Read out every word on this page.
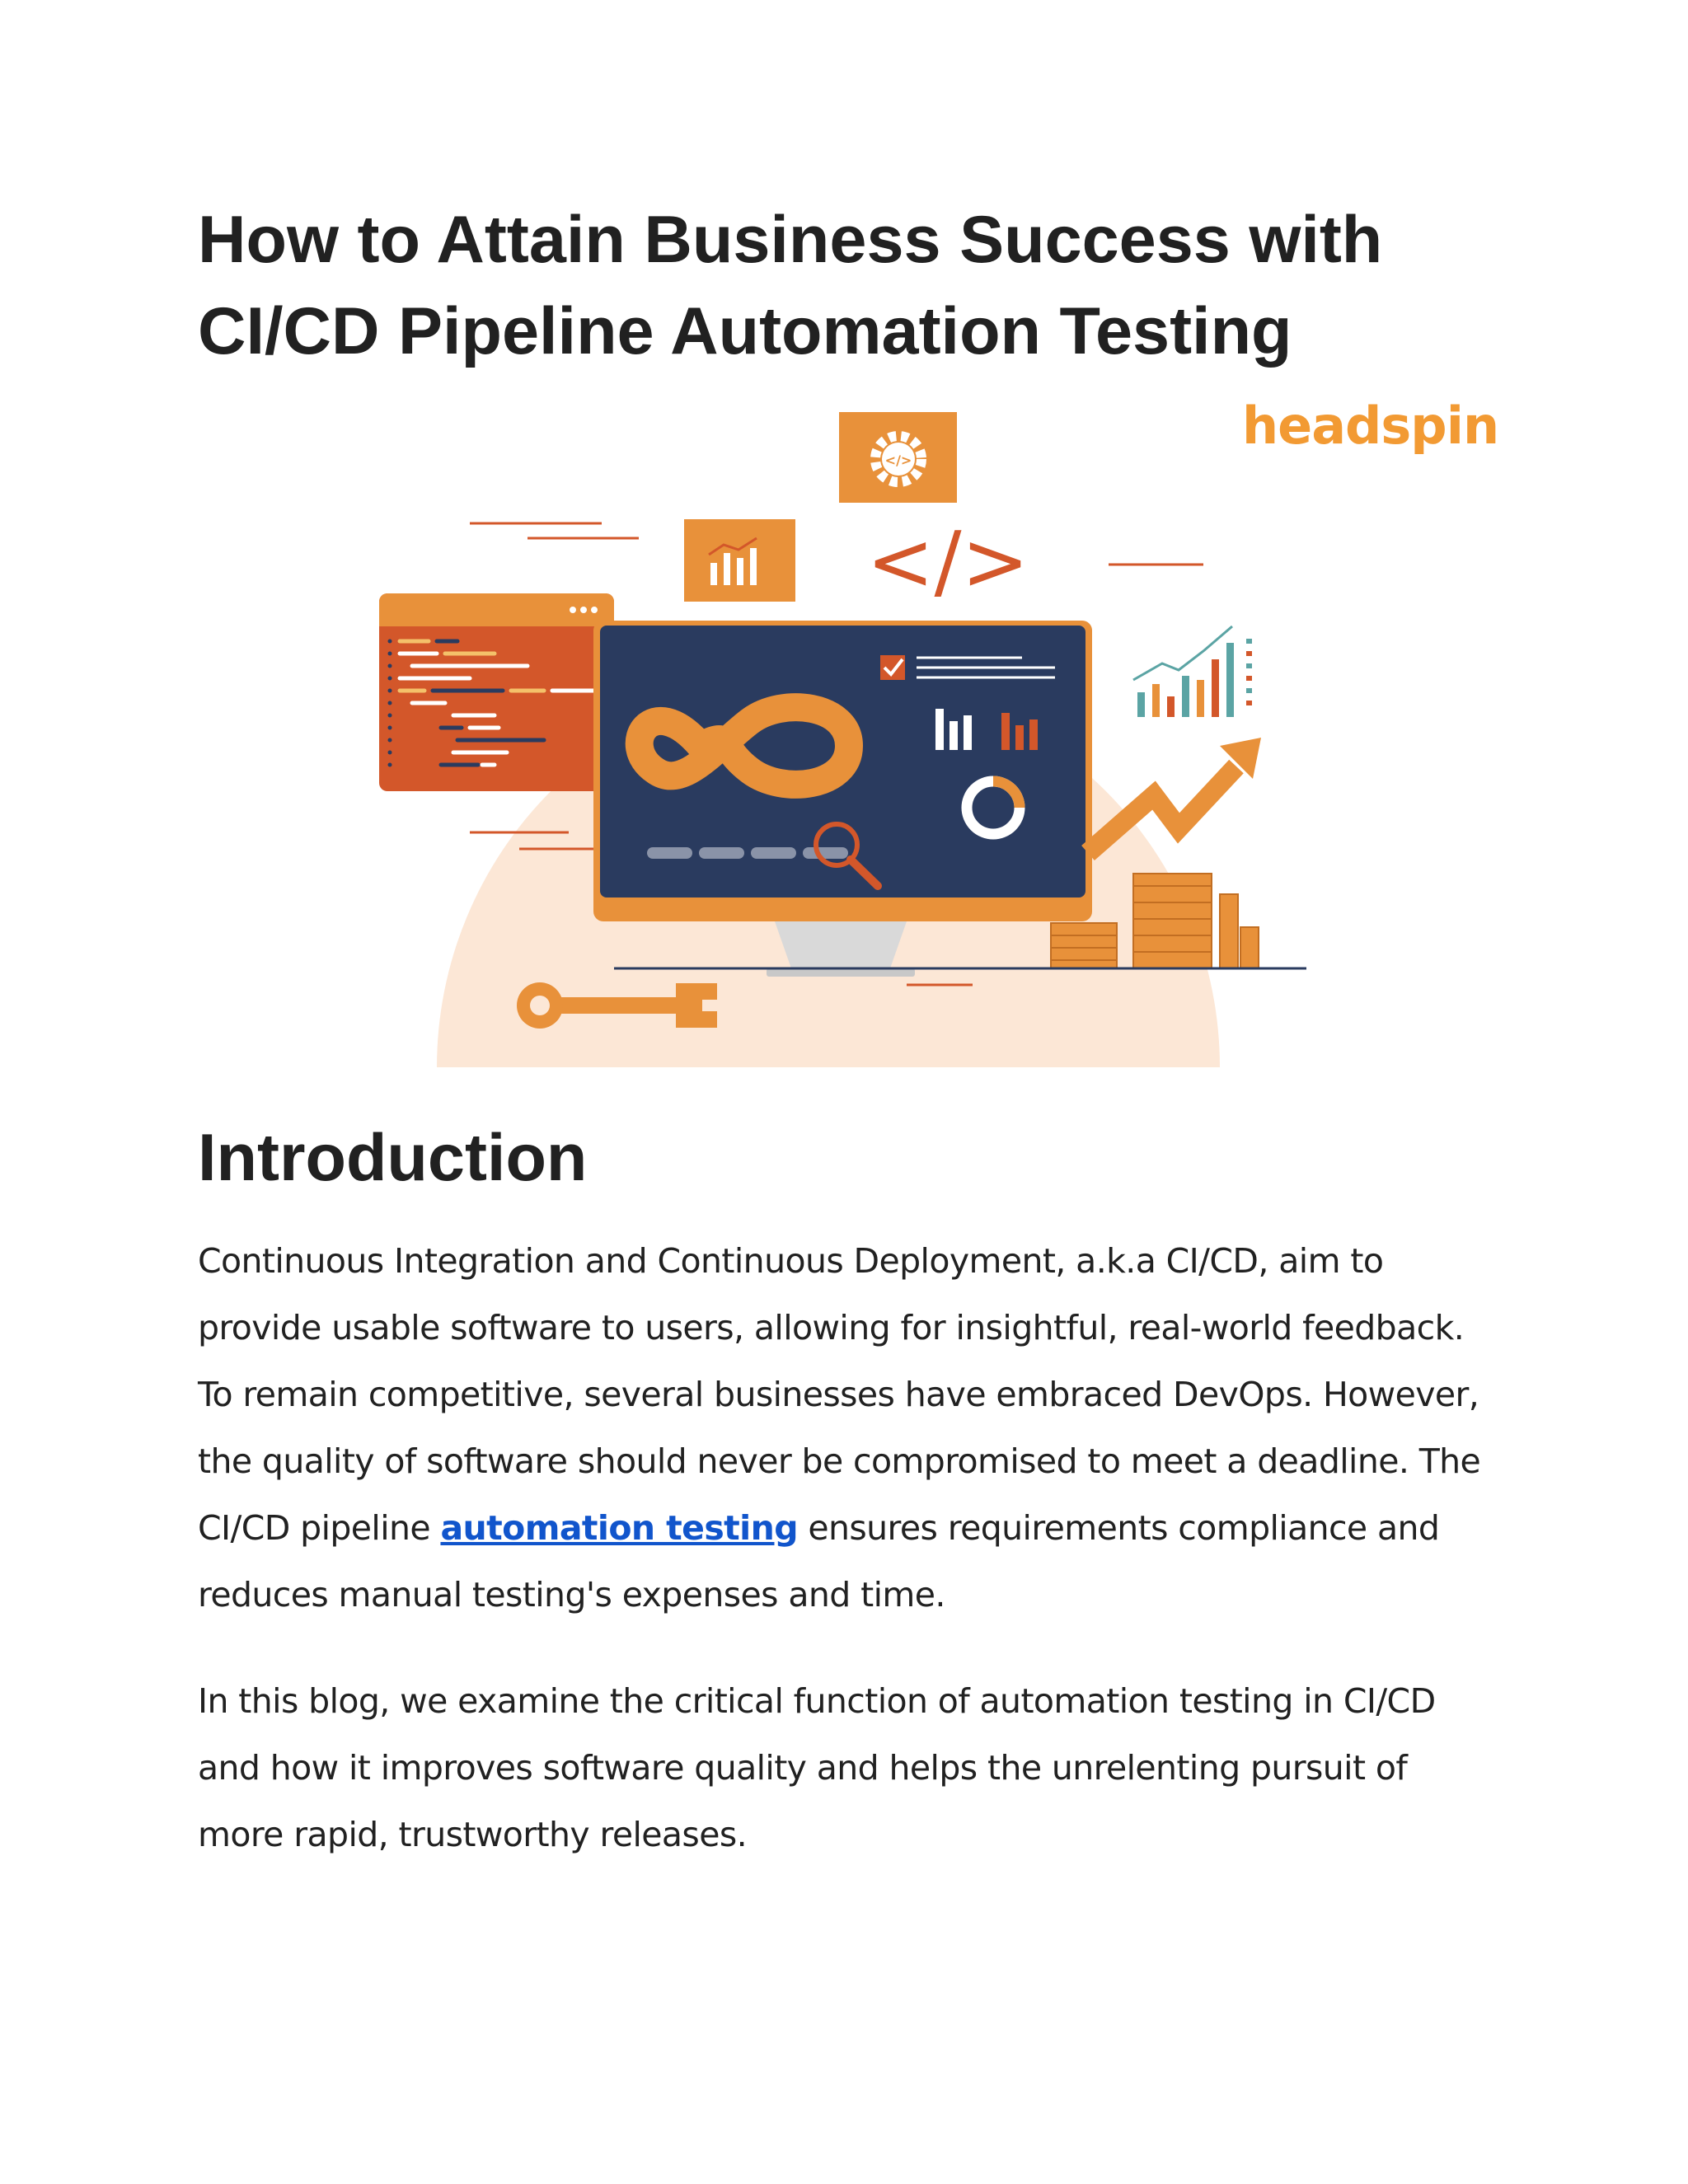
How to Attain Business Success with CI/CD Pipeline Automation Testing
headspin
</>
</>
Introduction

Continuous Integration and Continuous Deployment, a.k.a CI/CD, aim to provide usable software to users, allowing for insightful, real-world feedback. To remain competitive, several businesses have embraced DevOps. However, the quality of software should never be compromised to meet a deadline. The CI/CD pipeline automation testing ensures requirements compliance and reduces manual testing's expenses and time.

In this blog, we examine the critical function of automation testing in CI/CD and how it improves software quality and helps the unrelenting pursuit of more rapid, trustworthy releases.
